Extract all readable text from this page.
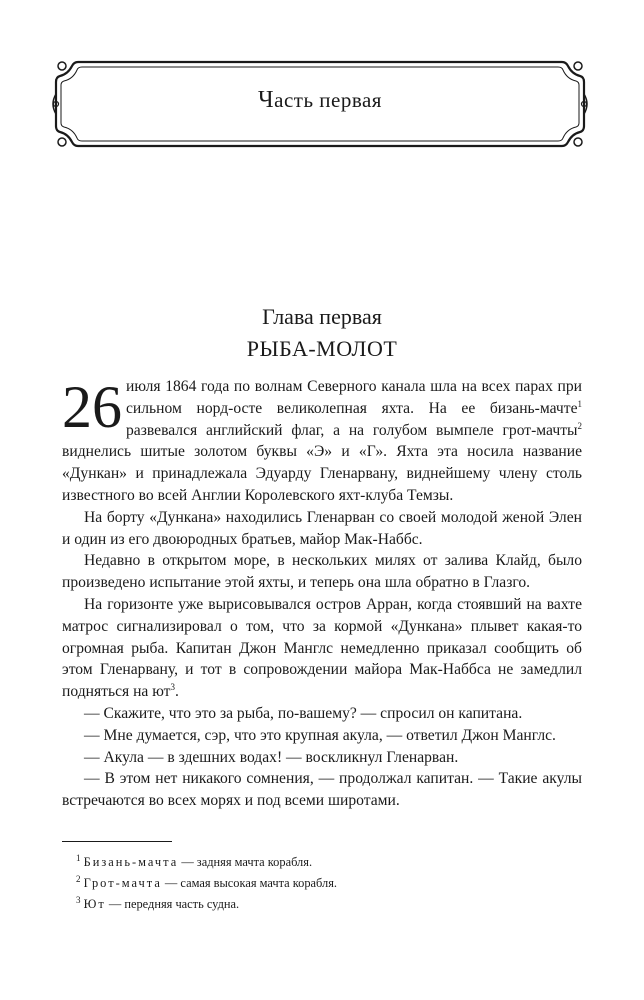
Часть первая
Глава первая
РЫБА-МОЛОТ

26 июля 1864 года по волнам Северного канала шла на всех парах при сильном норд-осте великолепная яхта. На ее бизань-мачте$^1$ развевался английский флаг, а на голубом вымпеле грот-мачты$^2$ виднелись шитые золотом буквы «Э» и «Г». Яхта эта носила название «Дункан» и принадлежала Эдуарду Гленарвану, виднейшему члену столь известного во всей Англии Королевского яхт-клуба Темзы.

На борту «Дункана» находились Гленарван со своей молодой женой Элен и один из его двоюродных братьев, майор Мак-Наббс.

Недавно в открытом море, в нескольких милях от залива Клайд, было произведено испытание этой яхты, и теперь она шла обратно в Глазго.

На горизонте уже вырисовывался остров Арран, когда стоявший на вахте матрос сигнализировал о том, что за кормой «Дункана» плывет какая-то огромная рыба. Капитан Джон Манглс немедленно приказал сообщить об этом Гленарвану, и тот в сопровождении майора Мак-Наббса не замедлил подняться на $ют^3$.

— Скажите, что это за рыба, по-вашему? — спросил он капитана.

— Мне думается, сэр, что это крупная акула, — ответил Джон Манглс.

— Акула — в здешних водах! — воскликнул Гленарван.

— В этом нет никакого сомнения, — продолжал капитан. — Такие акулы встречаются во всех морях и под всеми широтами.

$^1$ Бизань-мачта — задняя мачта корабля.
$^2$ Грот-мачта — самая высокая мачта корабля.
$^3$ Ют — передняя часть судна.
